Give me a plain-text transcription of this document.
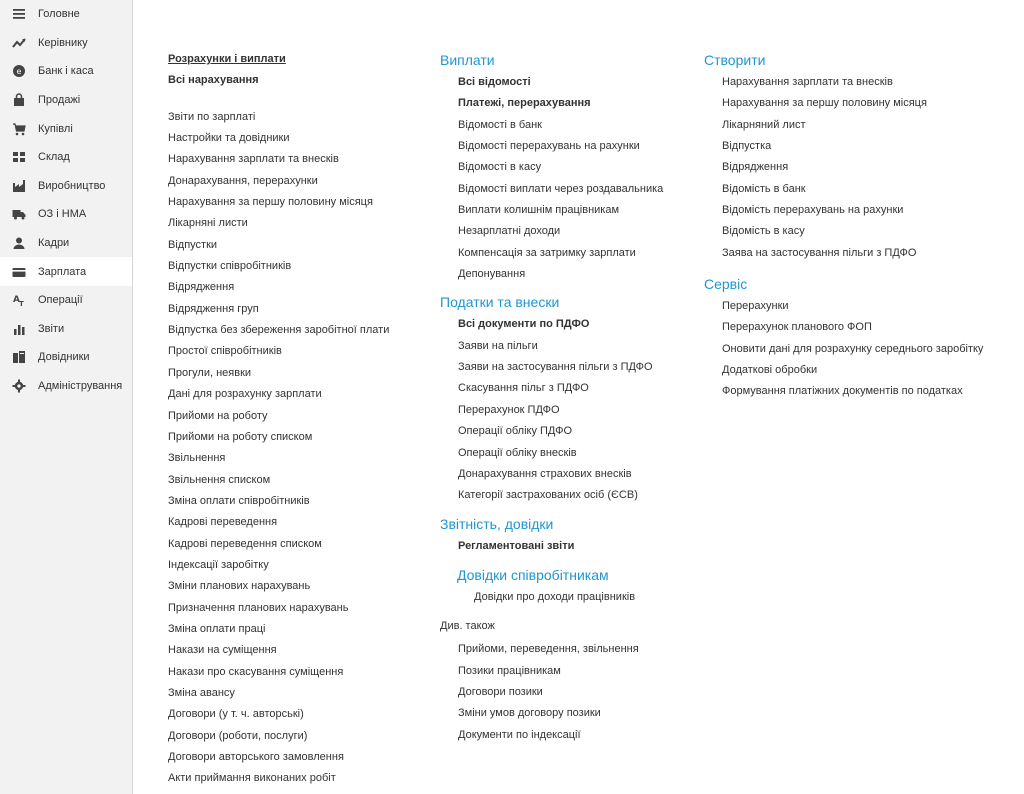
Головне
Керівнику
e Банк і каса
Продажі
Купівлі
Склад
Виробництво
ОЗ і НМА
Кадри
Зарплата
A T Операції
Звіти
Довідники
Адміністрування
Розрахунки і виплати
Всі нарахування
Звіти по зарплаті
Настройки та довідники
Нарахування зарплати та внесків
Донарахування, перерахунки
Нарахування за першу половину місяця
Лікарняні листи
Відпустки
Відпустки співробітників
Відрядження
Відрядження груп
Відпустка без збереження заробітної плати
Простої співробітників
Прогули, неявки
Дані для розрахунку зарплати
Прийоми на роботу
Прийоми на роботу списком
Звільнення
Звільнення списком
Зміна оплати співробітників
Кадрові переведення
Кадрові переведення списком
Індексації заробітку
Зміни планових нарахувань
Призначення планових нарахувань
Зміна оплати праці
Накази на суміщення
Накази про скасування суміщення
Зміна авансу
Договори (у т. ч. авторські)
Договори (роботи, послуги)
Договори авторського замовлення
Акти приймання виконаних робіт
Виплати
Всі відомості
Платежі, перерахування
Відомості в банк
Відомості перерахувань на рахунки
Відомості в касу
Відомості виплати через роздавальника
Виплати колишнім працівникам
Незарплатні доходи
Компенсація за затримку зарплати
Депонування
Податки та внески
Всі документи по ПДФО
Заяви на пільги
Заяви на застосування пільги з ПДФО
Скасування пільг з ПДФО
Перерахунок ПДФО
Операції обліку ПДФО
Операції обліку внесків
Донарахування страхових внесків
Категорії застрахованих осіб (ЄСВ)
Звітність, довідки
Регламентовані звіти
Довідки співробітникам
Довідки про доходи працівників
Див. також
Прийоми, переведення, звільнення
Позики працівникам
Договори позики
Зміни умов договору позики
Документи по індексації
Створити
Нарахування зарплати та внесків
Нарахування за першу половину місяця
Лікарняний лист
Відпустка
Відрядження
Відомість в банк
Відомість перерахувань на рахунки
Відомість в касу
Заява на застосування пільги з ПДФО
Сервіс
Перерахунки
Перерахунок планового ФОП
Оновити дані для розрахунку середнього заробітку
Додаткові обробки
Формування платіжних документів по податках
